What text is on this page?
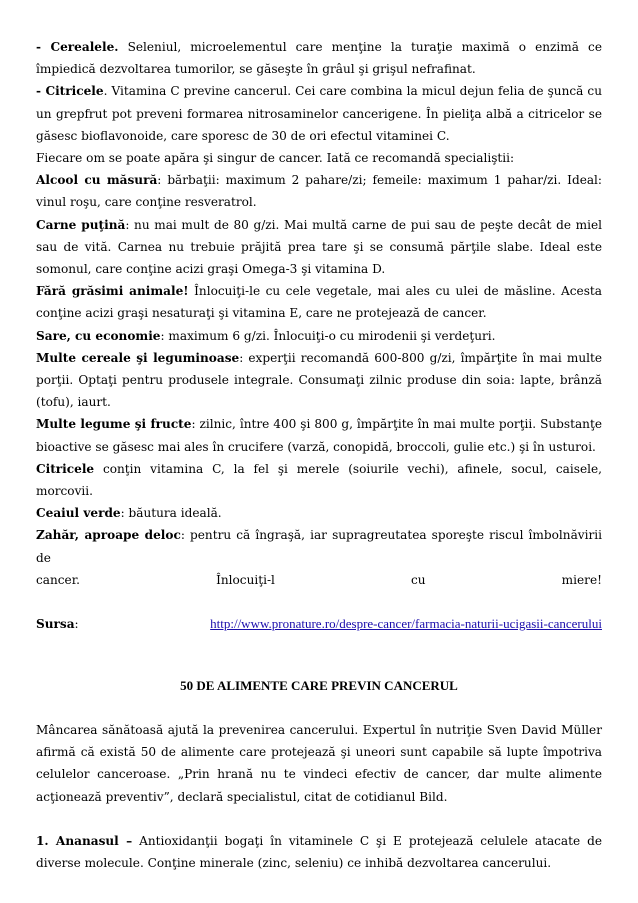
- Cerealele. Seleniul, microelementul care menţine la turaţie maximă o enzimă ce împiedică dezvoltarea tumorilor, se găseşte în grâul şi grişul nefrafinat.

- Citricele. Vitamina C previne cancerul. Cei care combina la micul dejun felia de şuncă cu un grepfrut pot preveni formarea nitrosaminelor cancerigene. În pieliţa albă a citricelor se găsesc bioflavonoide, care sporesc de 30 de ori efectul vitaminei C.

Fiecare om se poate apăra şi singur de cancer. Iată ce recomandă specialiştii:

Alcool cu măsură: bărbaţii: maximum 2 pahare/zi; femeile: maximum 1 pahar/zi. Ideal: vinul roşu, care conţine resveratrol.

Carne puţină: nu mai mult de 80 g/zi. Mai multă carne de pui sau de peşte decât de miel sau de vită. Carnea nu trebuie prăjită prea tare şi se consumă părţile slabe. Ideal este somonul, care conţine acizi graşi Omega-3 şi vitamina D.

Fără grăsimi animale! Înlocuiţi-le cu cele vegetale, mai ales cu ulei de măsline. Acesta conţine acizi graşi nesaturaţi şi vitamina E, care ne protejează de cancer.

Sare, cu economie: maximum 6 g/zi. Înlocuiţi-o cu mirodenii şi verdeţuri.

Multe cereale şi leguminoase: experţii recomandă 600-800 g/zi, împărţite în mai multe porţii. Optaţi pentru produsele integrale. Consumaţi zilnic produse din soia: lapte, brânză (tofu), iaurt.

Multe legume şi fructe: zilnic, între 400 şi 800 g, împărţite în mai multe porţii. Substanţe bioactive se găsesc mai ales în crucifere (varză, conopidă, broccoli, gulie etc.) şi în usturoi.

Citricele conţin vitamina C, la fel şi merele (soiurile vechi), afinele, socul, caisele, morcovii.

Ceaiul verde: băutura ideală.

Zahăr, aproape deloc: pentru că îngraşă, iar supragreutatea sporeşte riscul îmbolnăvirii de

cancer.	Înlocuiţi-l	cu	miere!

Sursa:	http://www.pronature.ro/despre-cancer/farmacia-naturii-ucigasii-cancerului
50 DE ALIMENTE CARE PREVIN CANCERUL

Mâncarea sănătoasă ajută la prevenirea cancerului. Expertul în nutriţie Sven David Müller afirmă că există 50 de alimente care protejează şi uneori sunt capabile să lupte împotriva celulelor canceroase. „Prin hrană nu te vindeci efectiv de cancer, dar multe alimente acţionează preventiv”, declară specialistul, citat de cotidianul Bild.

1. Ananasul – Antioxidanţii bogaţi în vitaminele C şi E protejează celulele atacate de diverse molecule. Conţine minerale (zinc, seleniu) ce inhibă dezvoltarea cancerului.
